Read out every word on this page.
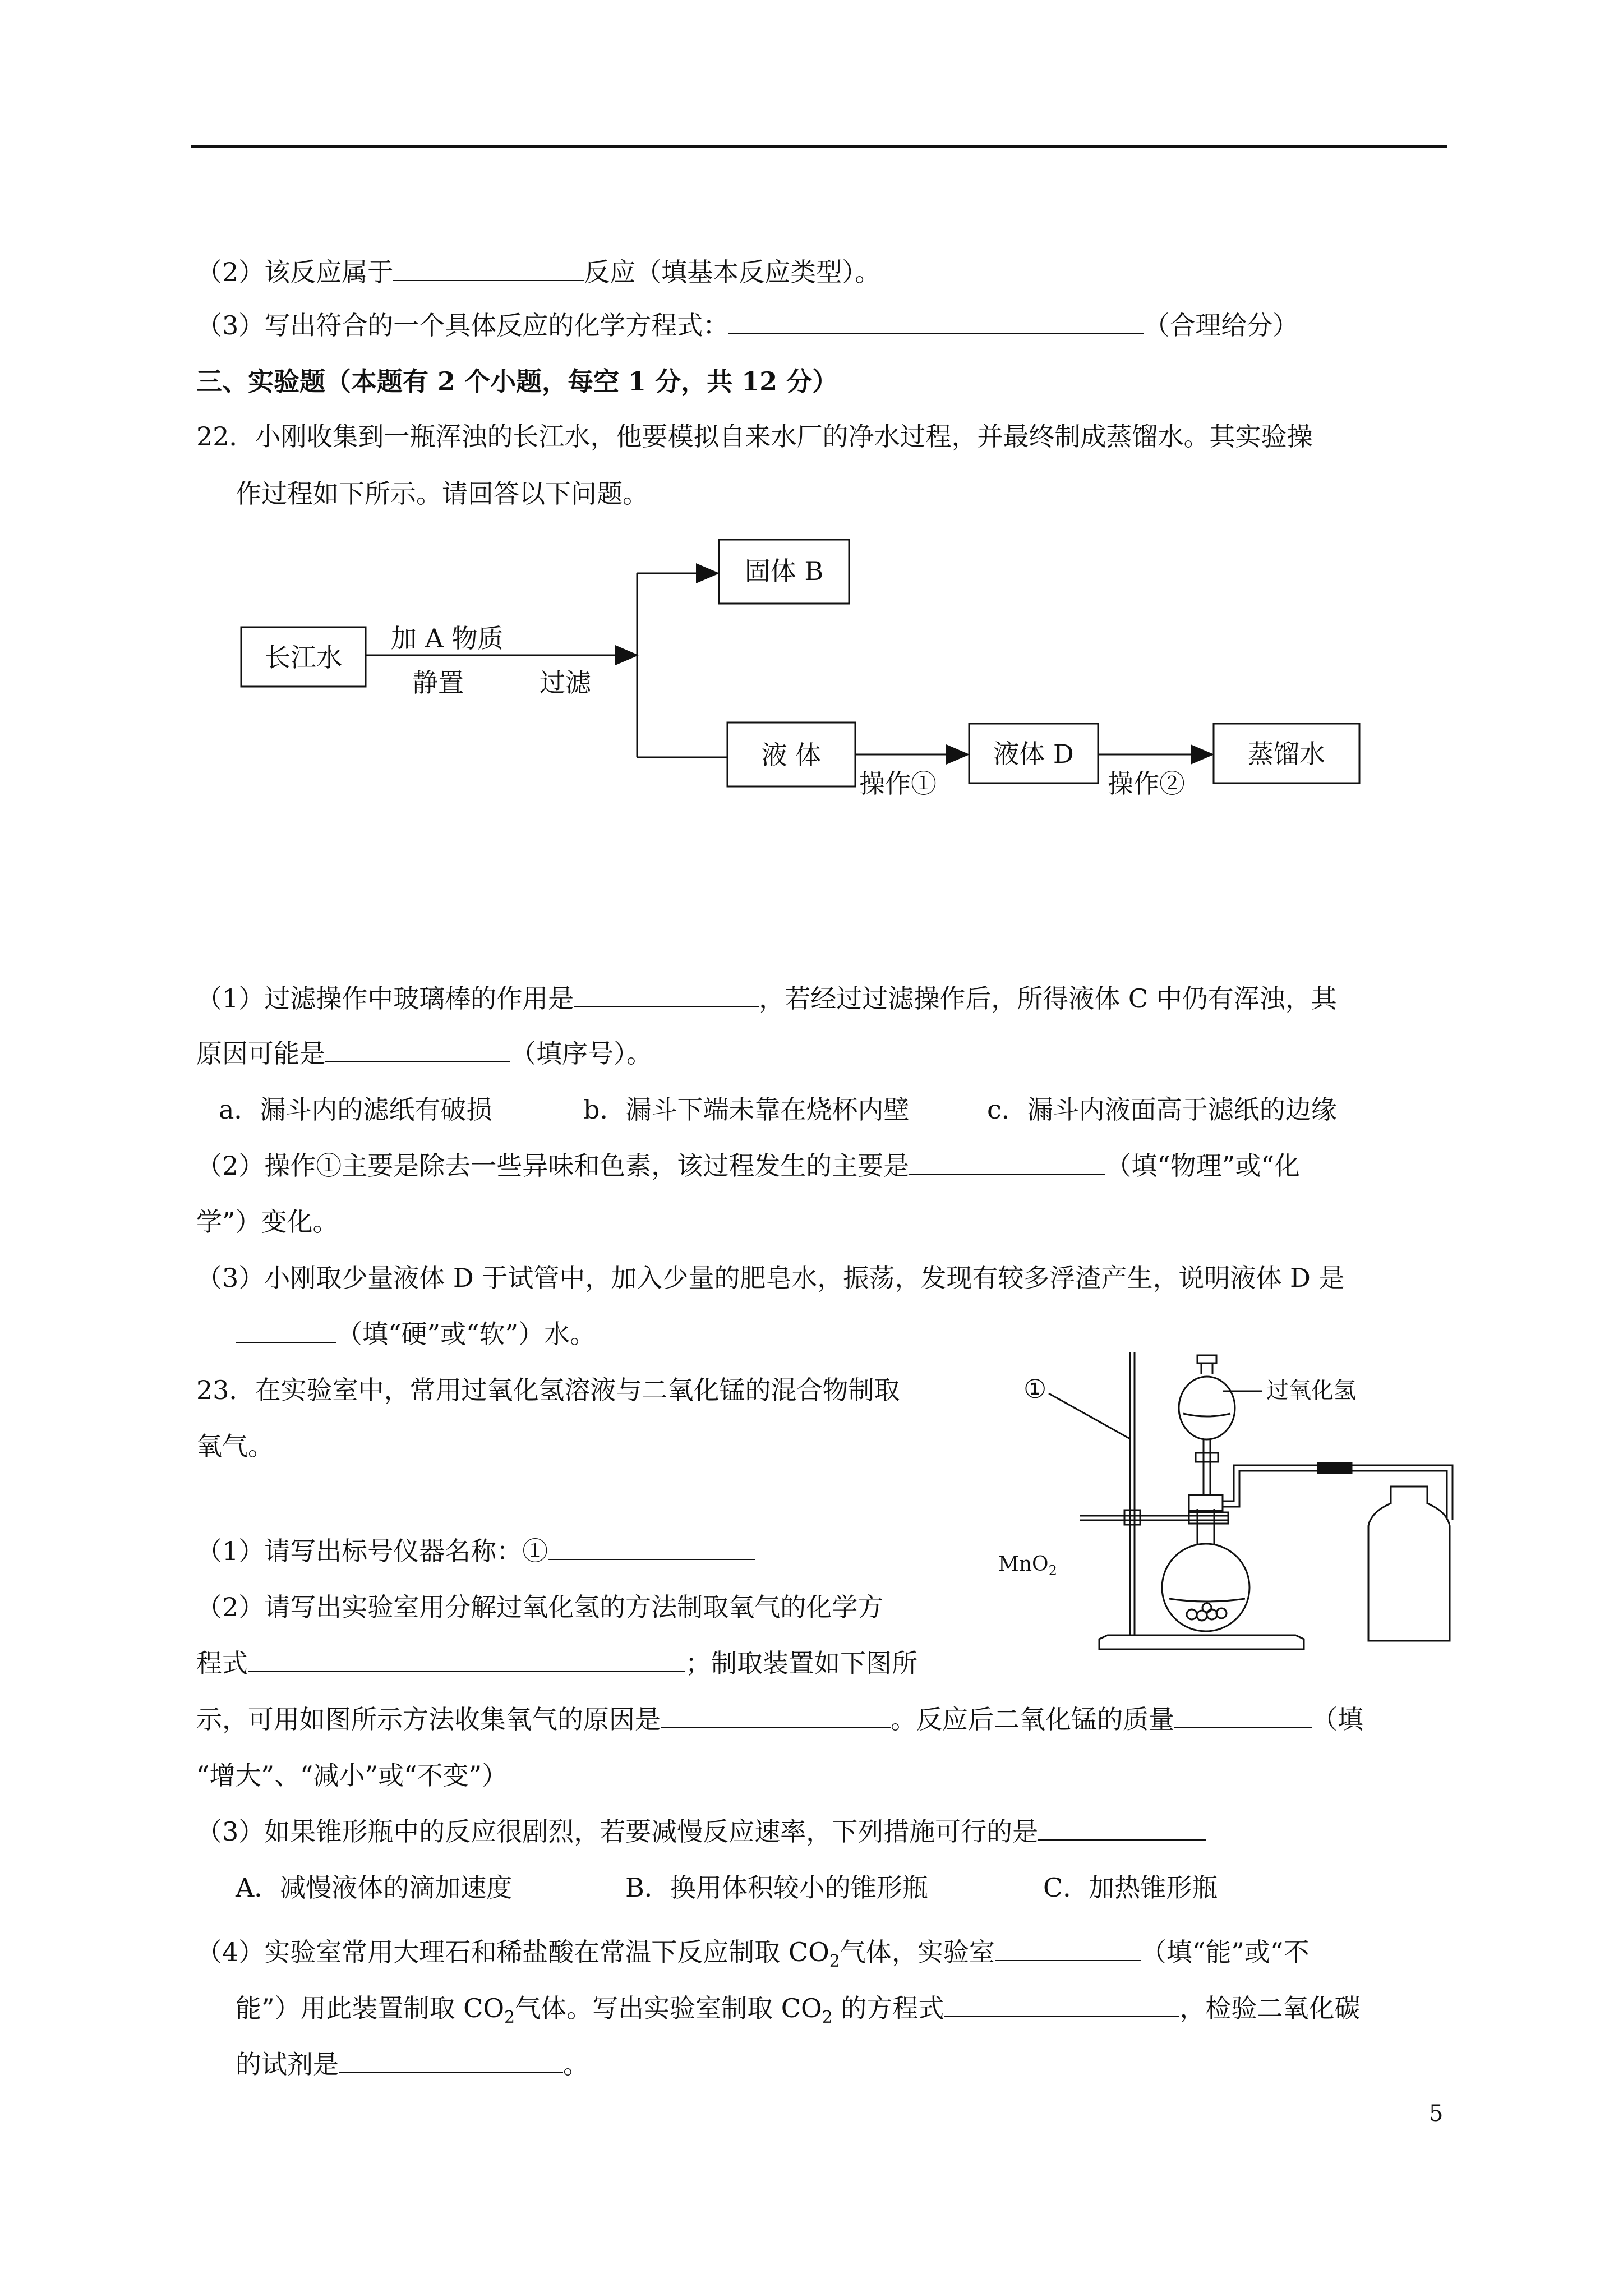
（2）该反应属于	反应（填基本反应类型）。
（3）写出符合的一个具体反应的化学方程式：	（合理给分）
三、实验题（本题有 2 个小题，每空 1 分，共 12 分）
22．小刚收集到一瓶浑浊的长江水，他要模拟自来水厂的净水过程，并最终制成蒸馏水。其实验操
作过程如下所示。请回答以下问题。
长江水
加 A 物质
静置	过滤
固体 B
液 体
操作①
液体 D
操作②
蒸馏水
（1）过滤操作中玻璃棒的作用是	，若经过过滤操作后，所得液体 C 中仍有浑浊，其
原因可能是	（填序号）。
a．漏斗内的滤纸有破损	b．漏斗下端未靠在烧杯内壁	c．漏斗内液面高于滤纸的边缘
（2）操作①主要是除去一些异味和色素，该过程发生的主要是	（填“物理”或“化
学”）变化。
（3）小刚取少量液体 D 于试管中，加入少量的肥皂水，振荡，发现有较多浮渣产生，说明液体 D 是
（填“硬”或“软”）水。
23．在实验室中，常用过氧化氢溶液与二氧化锰的混合物制取
氧气。
过氧化氢
①
MnO$_2$
（1）请写出标号仪器名称：①
（2）请写出实验室用分解过氧化氢的方法制取氧气的化学方
程式	；制取装置如下图所
示，可用如图所示方法收集氧气的原因是	。反应后二氧化锰的质量	（填
“增大”、“减小”或“不变”）
（3）如果锥形瓶中的反应很剧烈，若要减慢反应速率，下列措施可行的是
A．减慢液体的滴加速度	B．换用体积较小的锥形瓶	C．加热锥形瓶
（4）实验室常用大理石和稀盐酸在常温下反应制取 $CO_2$气体，实验室	（填“能”或“不
能”）用此装置制取 $CO_2$气体。写出实验室制取 $CO_2$ 的方程式	，检验二氧化碳
的试剂是	。
5
